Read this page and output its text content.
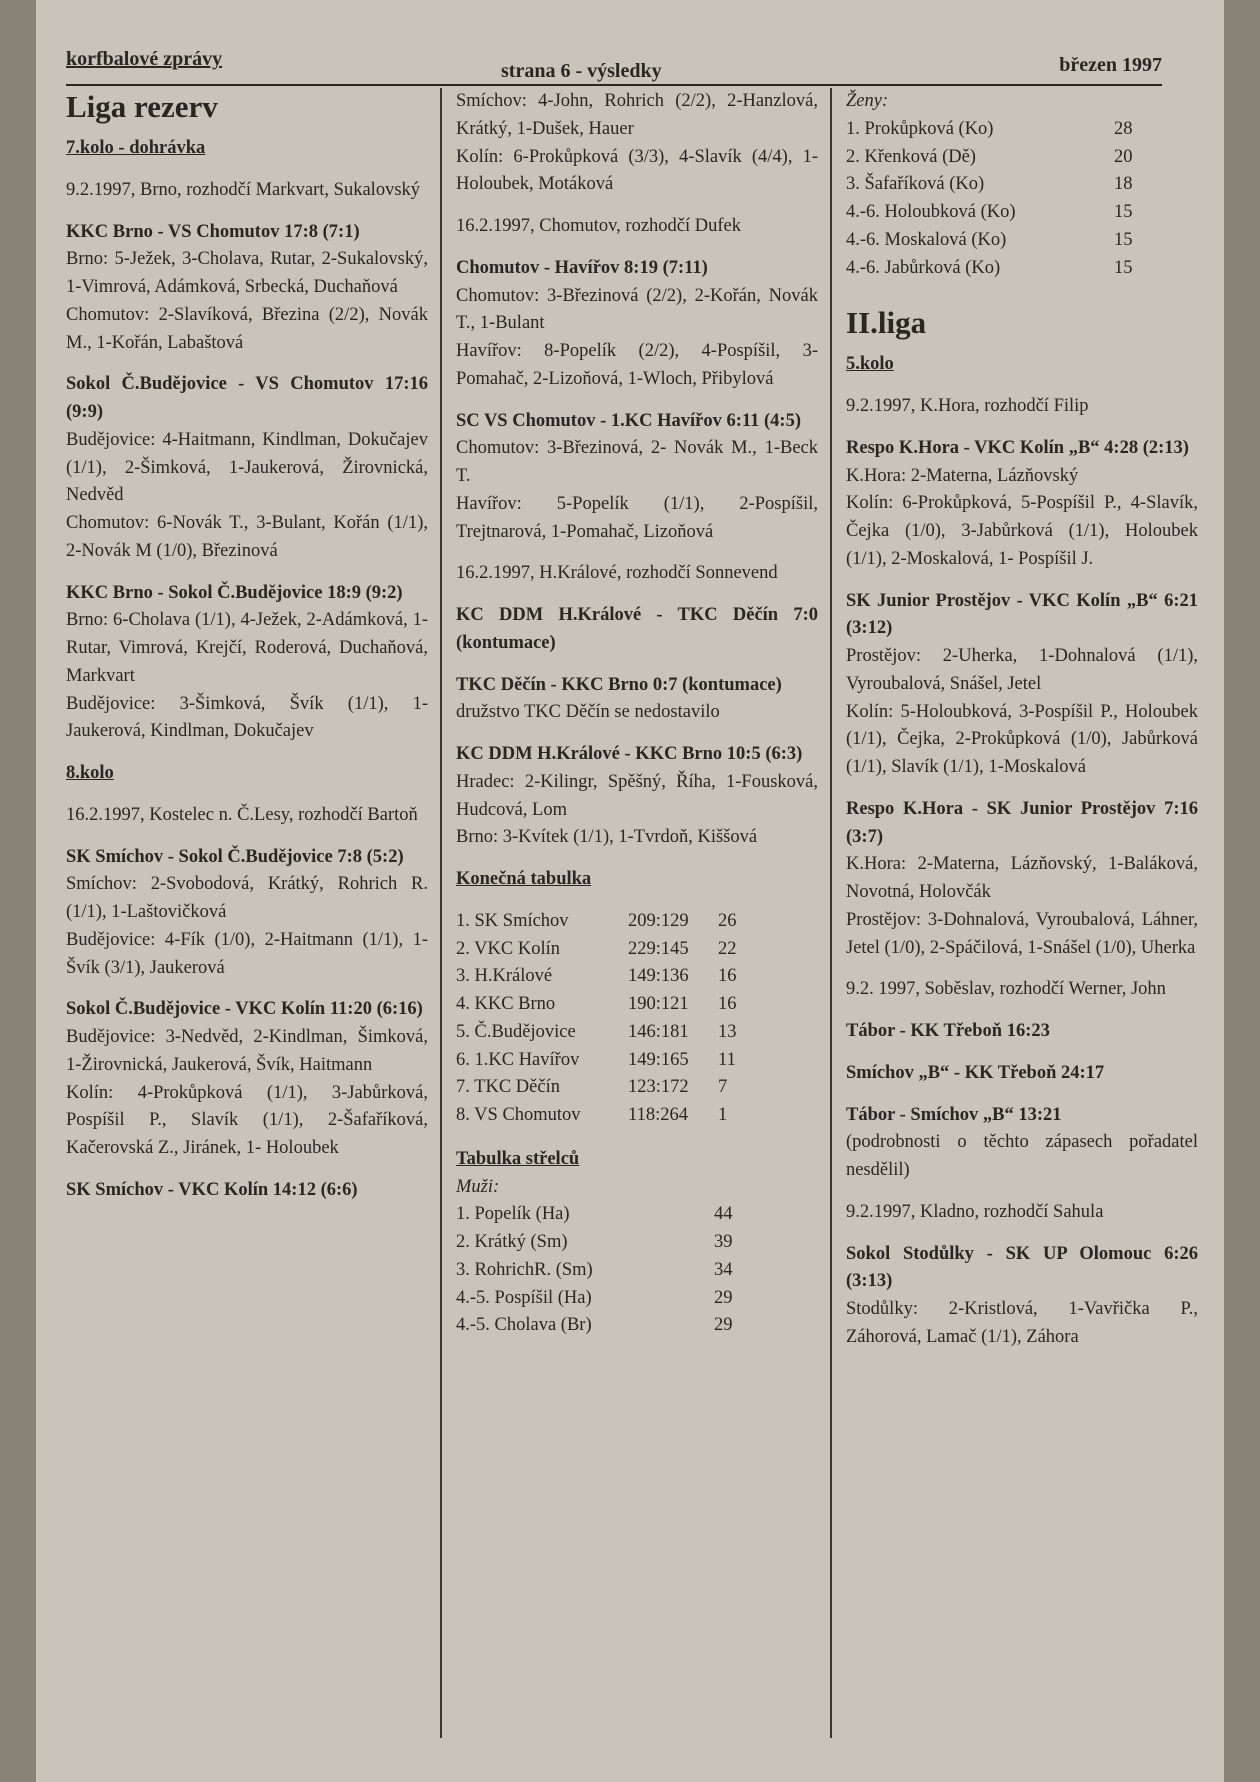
korfbalové zprávy
strana 6 - výsledky	březen 1997
Liga rezerv
7.kolo - dohrávka
9.2.1997, Brno, rozhodčí Markvart, Sukalovský
KKC Brno - VS Chomutov 17:8 (7:1)
Brno: 5-Ježek, 3-Cholava, Rutar, 2-Sukalovský, 1-Vimrová, Adámková, Srbecká, Duchaňová
Chomutov: 2-Slavíková, Březina (2/2), Novák M., 1-Kořán, Labaštová
Sokol Č.Budějovice - VS Chomutov 17:16 (9:9)
Budějovice: 4-Haitmann, Kindlman, Dokučajev (1/1), 2-Šimková, 1-Jaukerová, Žirovnická, Nedvěd
Chomutov: 6-Novák T., 3-Bulant, Kořán (1/1), 2-Novák M (1/0), Březinová
KKC Brno - Sokol Č.Budějovice 18:9 (9:2)
Brno: 6-Cholava (1/1), 4-Ježek, 2-Adámková, 1-Rutar, Vimrová, Krejčí, Roderová, Duchaňová, Markvart
Budějovice: 3-Šimková, Švík (1/1), 1-Jaukerová, Kindlman, Dokučajev
8.kolo
16.2.1997, Kostelec n. Č.Lesy, rozhodčí Bartoň
SK Smíchov - Sokol Č.Budějovice 7:8 (5:2)
Smíchov: 2-Svobodová, Krátký, Rohrich R. (1/1), 1-Laštovičková
Budějovice: 4-Fík (1/0), 2-Haitmann (1/1), 1-Švík (3/1), Jaukerová
Sokol Č.Budějovice - VKC Kolín 11:20 (6:16)
Budějovice: 3-Nedvěd, 2-Kindlman, Šimková, 1-Žirovnická, Jaukerová, Švík, Haitmann
Kolín: 4-Prokůpková (1/1), 3-Jabůrková, Pospíšil P., Slavík (1/1), 2-Šafaříková, Kačerovská Z., Jiránek, 1- Holoubek
SK Smíchov - VKC Kolín 14:12 (6:6)
Smíchov: 4-John, Rohrich (2/2), 2-Hanzlová, Krátký, 1-Dušek, Hauer
Kolín: 6-Prokůpková (3/3), 4-Slavík (4/4), 1-Holoubek, Motáková
16.2.1997, Chomutov, rozhodčí Dufek
Chomutov - Havířov 8:19 (7:11)
Chomutov: 3-Březinová (2/2), 2-Kořán, Novák T., 1-Bulant
Havířov: 8-Popelík (2/2), 4-Pospíšil, 3-Pomahač, 2-Lizoňová, 1-Wloch, Přibylová
SC VS Chomutov - 1.KC Havířov 6:11 (4:5)
Chomutov: 3-Březinová, 2- Novák M., 1-Beck T.
Havířov: 5-Popelík (1/1), 2-Pospíšil, Trejtnarová, 1-Pomahač, Lizoňová
16.2.1997, H.Králové, rozhodčí Sonnevend
KC DDM H.Králové - TKC Děčín 7:0 (kontumace)
TKC Děčín - KKC Brno 0:7 (kontumace)
družstvo TKC Děčín se nedostavilo
KC DDM H.Králové - KKC Brno 10:5 (6:3)
Hradec: 2-Kilingr, Spěšný, Říha, 1-Fousková, Hudcová, Lom
Brno: 3-Kvítek (1/1), 1-Tvrdoň, Kiššová
Konečná tabulka
1. SK Smíchov	209:129	26
2. VKC Kolín	229:145	22
3. H.Králové	149:136	16
4. KKC Brno	190:121	16
5. Č.Budějovice	146:181	13
6. 1.KC Havířov	149:165	11
7. TKC Děčín	123:172	7
8. VS Chomutov	118:264	1
Tabulka střelců

Muži:

1. Popelík (Ha)	44
2. Krátký (Sm)	39
3. RohrichR. (Sm)	34
4.-5. Pospíšil (Ha)	29
4.-5. Cholava (Br)	29

Ženy:

1. Prokůpková (Ko)	28
2. Křenková (Dě)	20
3. Šafaříková (Ko)	18
4.-6. Holoubková (Ko)	15
4.-6. Moskalová (Ko)	15
4.-6. Jabůrková (Ko)	15
II.liga
5.kolo
9.2.1997, K.Hora, rozhodčí Filip
Respo K.Hora - VKC Kolín „B“ 4:28 (2:13)
K.Hora: 2-Materna, Lázňovský
Kolín: 6-Prokůpková, 5-Pospíšil P., 4-Slavík, Čejka (1/0), 3-Jabůrková (1/1), Holoubek (1/1), 2-Moskalová, 1- Pospíšil J.
SK Junior Prostějov - VKC Kolín „B“ 6:21 (3:12)
Prostějov: 2-Uherka, 1-Dohnalová (1/1), Vyroubalová, Snášel, Jetel
Kolín: 5-Holoubková, 3-Pospíšil P., Holoubek (1/1), Čejka, 2-Prokůpková (1/0), Jabůrková (1/1), Slavík (1/1), 1-Moskalová
Respo K.Hora - SK Junior Prostějov 7:16 (3:7)
K.Hora: 2-Materna, Lázňovský, 1-Baláková, Novotná, Holovčák
Prostějov: 3-Dohnalová, Vyroubalová, Láhner, Jetel (1/0), 2-Spáčilová, 1-Snášel (1/0), Uherka
9.2. 1997, Soběslav, rozhodčí Werner, John
Tábor - KK Třeboň 16:23
Smíchov „B“ - KK Třeboň 24:17
Tábor - Smíchov „B“ 13:21
(podrobnosti o těchto zápasech pořadatel nesdělil)
9.2.1997, Kladno, rozhodčí Sahula
Sokol Stodůlky - SK UP Olomouc 6:26 (3:13)
Stodůlky: 2-Kristlová, 1-Vavřička P., Záhorová, Lamač (1/1), Záhora
